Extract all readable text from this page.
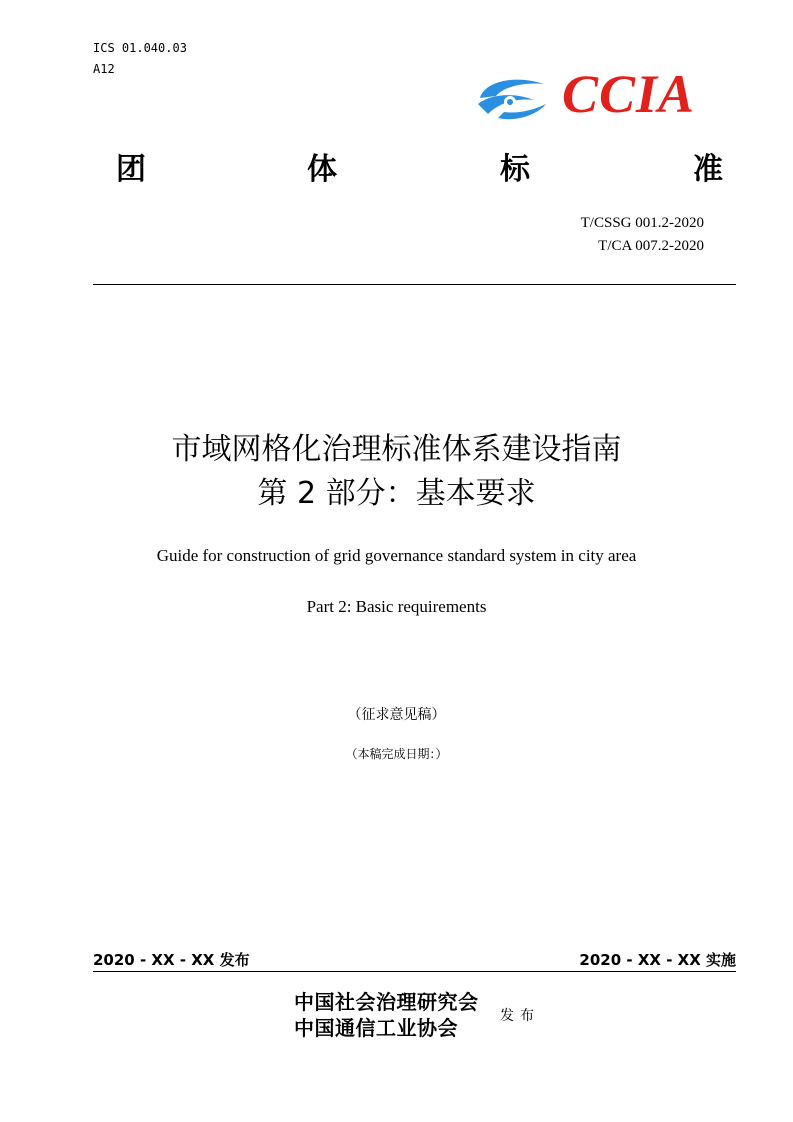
ICS 01.040.03
A12	CCIA
团	体	标	准
T/CSSG 001.2-2020
T/CA 007.2-2020
市域网格化治理标准体系建设指南
第 2 部分：基本要求
Guide for construction of grid governance standard system in city area
Part 2: Basic requirements
（征求意见稿）
（本稿完成日期：）
2020 - XX - XX 发布	2020 - XX - XX 实施
中国社会治理研究会
中国通信工业协会
发布
